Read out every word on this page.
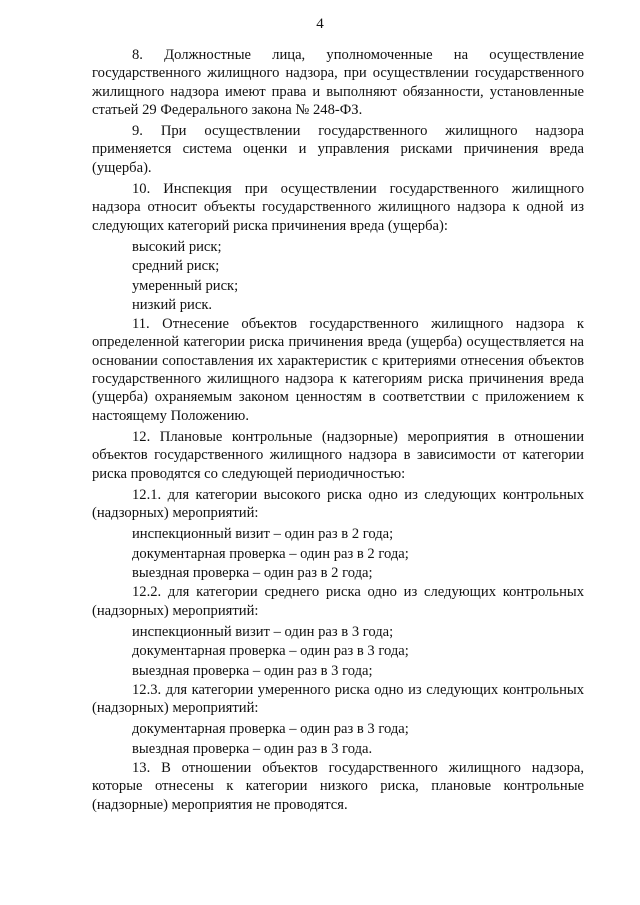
4

8. Должностные лица, уполномоченные на осуществление государственного жилищного надзора, при осуществлении государственного жилищного надзора имеют права и выполняют обязанности, установленные статьей 29 Федерального закона № 248-ФЗ.

9. При осуществлении государственного жилищного надзора применяется система оценки и управления рисками причинения вреда (ущерба).

10. Инспекция при осуществлении государственного жилищного надзора относит объекты государственного жилищного надзора к одной из следующих категорий риска причинения вреда (ущерба):

высокий риск;
средний риск;
умеренный риск;
низкий риск.

11. Отнесение объектов государственного жилищного надзора к определенной категории риска причинения вреда (ущерба) осуществляется на основании сопоставления их характеристик с критериями отнесения объектов государственного жилищного надзора к категориям риска причинения вреда (ущерба) охраняемым законом ценностям в соответствии с приложением к настоящему Положению.

12. Плановые контрольные (надзорные) мероприятия в отношении объектов государственного жилищного надзора в зависимости от категории риска проводятся со следующей периодичностью:

12.1. для категории высокого риска одно из следующих контрольных (надзорных) мероприятий:

инспекционный визит – один раз в 2 года;
документарная проверка – один раз в 2 года;
выездная проверка – один раз в 2 года;

12.2. для категории среднего риска одно из следующих контрольных (надзорных) мероприятий:

инспекционный визит – один раз в 3 года;
документарная проверка – один раз в 3 года;
выездная проверка – один раз в 3 года;

12.3. для категории умеренного риска одно из следующих контрольных (надзорных) мероприятий:

документарная проверка – один раз в 3 года;
выездная проверка – один раз в 3 года.

13. В отношении объектов государственного жилищного надзора, которые отнесены к категории низкого риска, плановые контрольные (надзорные) мероприятия не проводятся.
